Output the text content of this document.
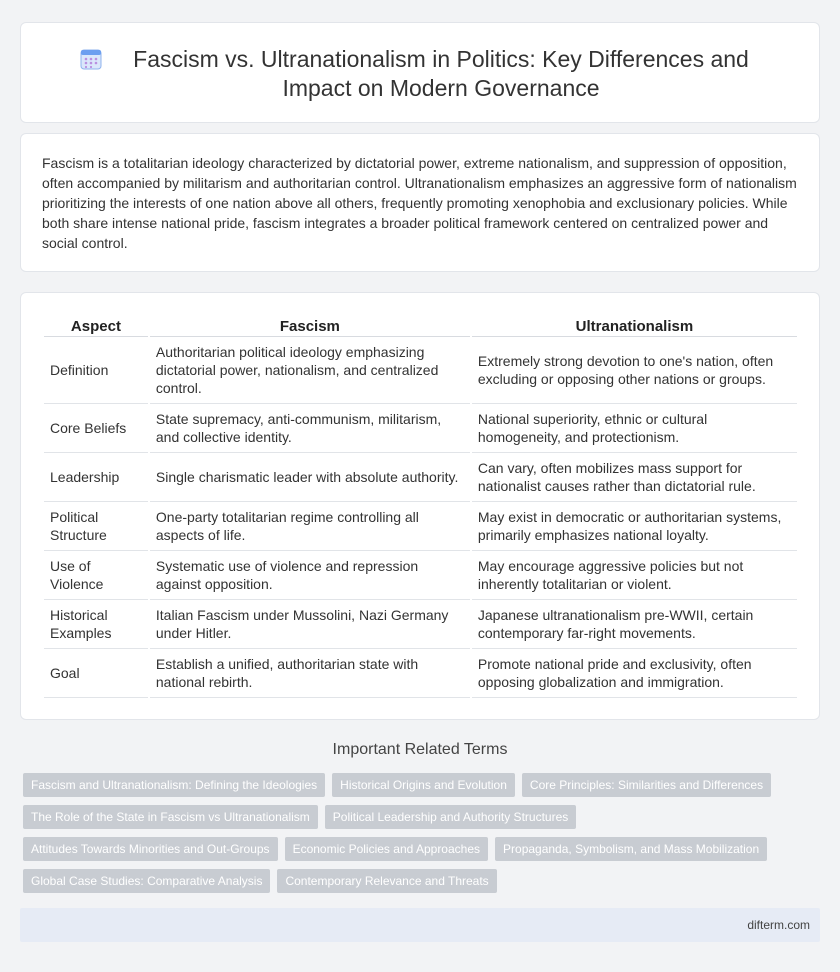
Fascism vs. Ultranationalism in Politics: Key Differences and
Impact on Modern Governance

Fascism is a totalitarian ideology characterized by dictatorial power, extreme nationalism, and suppression of opposition, often accompanied by militarism and authoritarian control. Ultranationalism emphasizes an aggressive form of nationalism prioritizing the interests of one nation above all others, frequently promoting xenophobia and exclusionary policies. While both share intense national pride, fascism integrates a broader political framework centered on centralized power and social control.

Aspect	Fascism	Ultranationalism
Definition	Authoritarian political ideology emphasizing dictatorial power, nationalism, and centralized control.	Extremely strong devotion to one's nation, often excluding or opposing other nations or groups.
Core Beliefs	State supremacy, anti-communism, militarism, and collective identity.	National superiority, ethnic or cultural homogeneity, and protectionism.
Leadership	Single charismatic leader with absolute authority.	Can vary, often mobilizes mass support for nationalist causes rather than dictatorial rule.
Political Structure	One-party totalitarian regime controlling all aspects of life.	May exist in democratic or authoritarian systems, primarily emphasizes national loyalty.
Use of Violence	Systematic use of violence and repression against opposition.	May encourage aggressive policies but not inherently totalitarian or violent.
Historical Examples	Italian Fascism under Mussolini, Nazi Germany under Hitler.	Japanese ultranationalism pre-WWII, certain contemporary far-right movements.
Goal	Establish a unified, authoritarian state with national rebirth.	Promote national pride and exclusivity, often opposing globalization and immigration.
Important Related Terms
Fascism and Ultranationalism: Defining the Ideologies	Historical Origins and Evolution	Core Principles: Similarities and Differences
The Role of the State in Fascism vs Ultranationalism	Political Leadership and Authority Structures
Attitudes Towards Minorities and Out-Groups	Economic Policies and Approaches	Propaganda, Symbolism, and Mass Mobilization
Global Case Studies: Comparative Analysis	Contemporary Relevance and Threats
difterm.com
